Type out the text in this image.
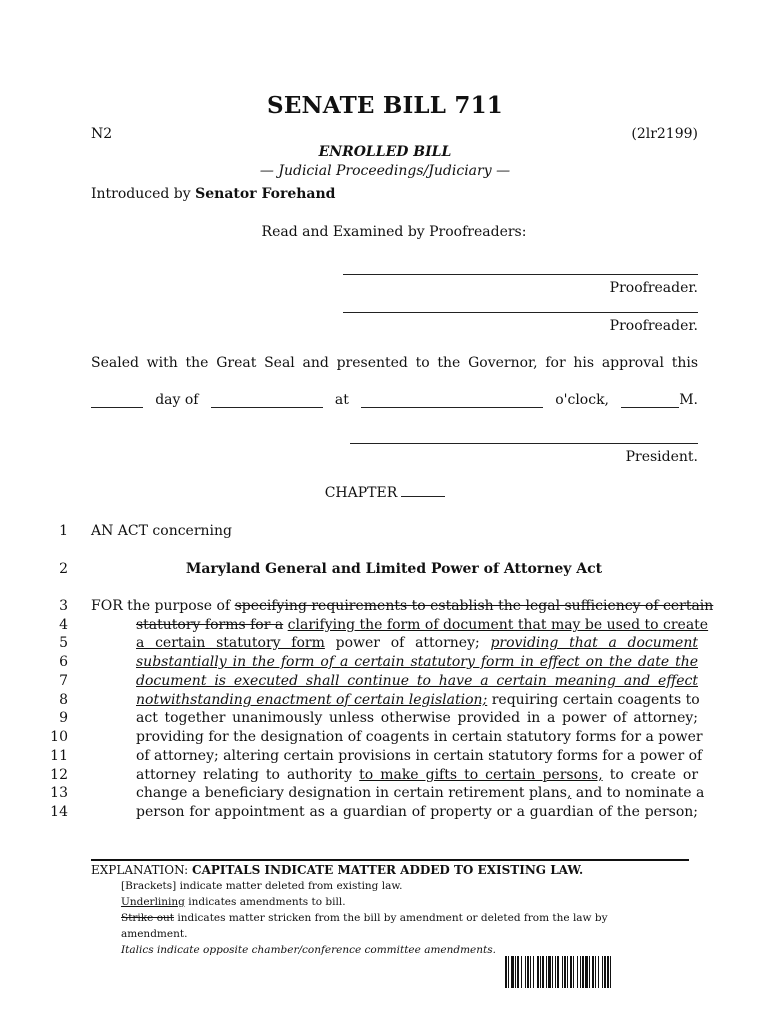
SENATE BILL 711
N2	(2lr2199)
ENROLLED BILL
— Judicial Proceedings/Judiciary —
Introduced by Senator Forehand
Read and Examined by Proofreaders:
Proofreader.
Proofreader.
Sealed with the Great Seal and presented to the Governor, for his approval this
day of	at	o'clock,	M.
President.
CHAPTER
1 AN ACT concerning
2	Maryland General and Limited Power of Attorney Act
3 FOR the purpose of specifying requirements to establish the legal sufficiency of certain
4	statutory forms for a clarifying the form of document that may be used to create
5	a certain statutory form power of attorney; providing that a document
6	substantially in the form of a certain statutory form in effect on the date the
7	document is executed shall continue to have a certain meaning and effect
8	notwithstanding enactment of certain legislation; requiring certain coagents to
9	act together unanimously unless otherwise provided in a power of attorney;
10	providing for the designation of coagents in certain statutory forms for a power
11	of attorney; altering certain provisions in certain statutory forms for a power of
12	attorney relating to authority to make gifts to certain persons, to create or
13	change a beneficiary designation in certain retirement plans, and to nominate a
14	person for appointment as a guardian of property or a guardian of the person;
EXPLANATION: CAPITALS INDICATE MATTER ADDED TO EXISTING LAW.
[Brackets] indicate matter deleted from existing law.
Underlining indicates amendments to bill.
Strike out indicates matter stricken from the bill by amendment or deleted from the law by
amendment.
Italics indicate opposite chamber/conference committee amendments.
